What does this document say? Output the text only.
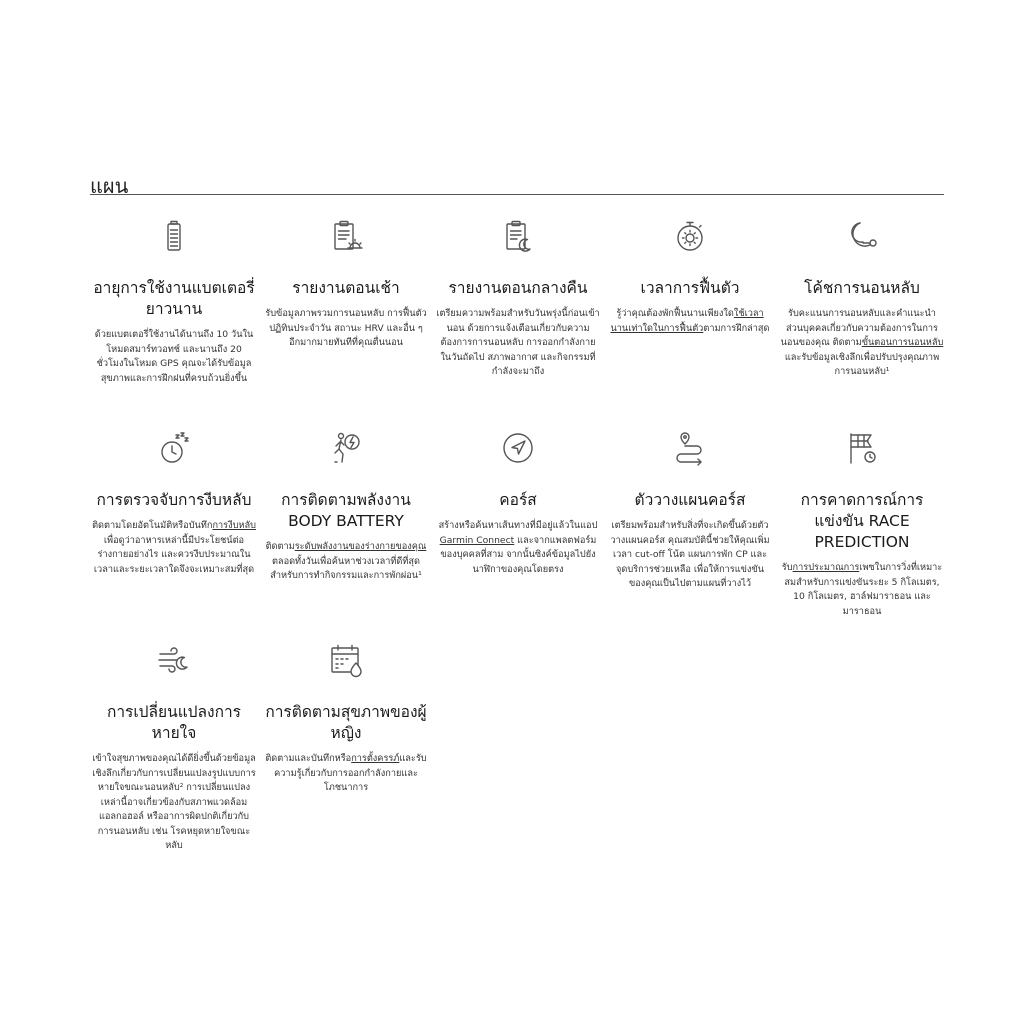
แผน
อายุการใช้งานแบตเตอรี่ยาวนาน
ด้วยแบตเตอรี่ใช้งานได้นานถึง 10 วันในโหมดสมาร์ทวอทช์ และนานถึง 20 ชั่วโมงในโหมด GPS คุณจะได้รับข้อมูลสุขภาพและการฝึกฝนที่ครบถ้วนยิ่งขึ้น
รายงานตอนเช้า
รับข้อมูลภาพรวมการนอนหลับ การฟื้นตัว ปฏิทินประจำวัน สถานะ HRV และอื่น ๆ อีกมากมายทันทีที่คุณตื่นนอน
รายงานตอนกลางคืน
เตรียมความพร้อมสำหรับวันพรุ่งนี้ก่อนเข้านอน ด้วยการแจ้งเตือนเกี่ยวกับความต้องการการนอนหลับ การออกกำลังกายในวันถัดไป สภาพอากาศ และกิจกรรมที่กำลังจะมาถึง
เวลาการฟื้นตัว
รู้ว่าคุณต้องพักฟื้นนานเพียงใดใช้เวลานานเท่าใดในการฟื้นตัวตามการฝึกล่าสุด
โค้ชการนอนหลับ
รับคะแนนการนอนหลับและคำแนะนำส่วนบุคคลเกี่ยวกับความต้องการในการนอนของคุณ ติดตามขั้นตอนการนอนหลับ และรับข้อมูลเชิงลึกเพื่อปรับปรุงคุณภาพการนอนหลับ¹
การตรวจจับการงีบหลับ
ติดตามโดยอัตโนมัติหรือบันทึกการงีบหลับเพื่อดูว่าอาหารเหล่านี้มีประโยชน์ต่อร่างกายอย่างไร และควรงีบประมาณในเวลาและระยะเวลาใดจึงจะเหมาะสมที่สุด
การติดตามพลังงาน BODY BATTERY
ติดตามระดับพลังงานของร่างกายของคุณตลอดทั้งวันเพื่อค้นหาช่วงเวลาที่ดีที่สุดสำหรับการทำกิจกรรมและการพักผ่อน¹
คอร์ส
สร้างหรือค้นหาเส้นทางที่มีอยู่แล้วในแอป Garmin Connect และจากแพลตฟอร์มของบุคคลที่สาม จากนั้นซิงค์ข้อมูลไปยังนาฬิกาของคุณโดยตรง
ตัววางแผนคอร์ส
เตรียมพร้อมสำหรับสิ่งที่จะเกิดขึ้นด้วยตัววางแผนคอร์ส คุณสมบัตินี้ช่วยให้คุณเพิ่มเวลา cut-off โน้ต แผนการพัก CP และจุดบริการช่วยเหลือ เพื่อให้การแข่งขันของคุณเป็นไปตามแผนที่วางไว้
การคาดการณ์การแข่งขัน RACE PREDICTION
รับการประมาณการเพซในการวิ่งที่เหมาะสมสำหรับการแข่งขันระยะ 5 กิโลเมตร, 10 กิโลเมตร, ฮาล์ฟมาราธอน และมาราธอน
การเปลี่ยนแปลงการหายใจ
เข้าใจสุขภาพของคุณได้ดียิ่งขึ้นด้วยข้อมูลเชิงลึกเกี่ยวกับการเปลี่ยนแปลงรูปแบบการหายใจขณะนอนหลับ² การเปลี่ยนแปลงเหล่านี้อาจเกี่ยวข้องกับสภาพแวดล้อม แอลกอฮอล์ หรืออาการผิดปกติเกี่ยวกับการนอนหลับ เช่น โรคหยุดหายใจขณะหลับ
การติดตามสุขภาพของผู้หญิง
ติดตามและบันทึกหรือการตั้งครรภ์และรับความรู้เกี่ยวกับการออกกำลังกายและโภชนาการ
